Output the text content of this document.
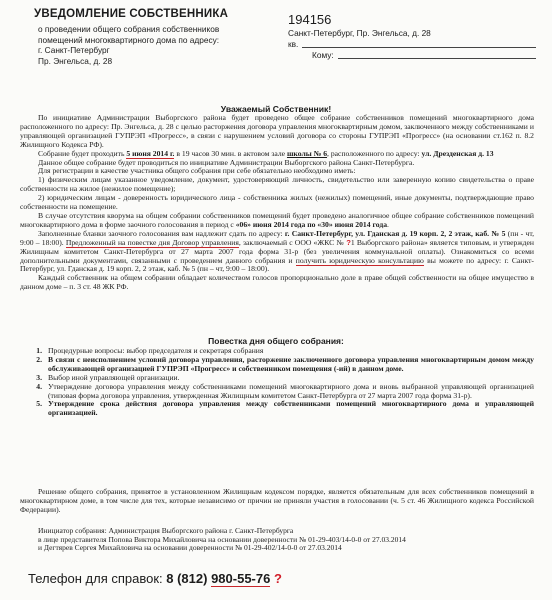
УВЕДОМЛЕНИЕ СОБСТВЕННИКА
о проведении общего собрания собственников
помещений многоквартирного дома по адресу:
г. Санкт-Петербург
Пр. Энгельса, д. 28
194156
Санкт-Петербург, Пр. Энгельса, д. 28
кв.
Кому:
Уважаемый Собственник!

По инициативе Администрации Выборгского района будет проведено общее собрание собственников помещений многоквартирного дома расположенного по адресу: Пр. Энгельса, д. 28 с целью расторжения договора управления многоквартирным домом, заключенного между собственниками и управляющей организацией ГУПРЭП «Прогресс», в связи с нарушением условий договора со стороны ГУПРЭП «Прогресс» (на основании ст.162 п. 8.2 Жилищного Кодекса РФ).

Собрание будет проходить 5 июня 2014 г. в 19 часов 30 мин. в актовом зале школы № 6, расположенного по адресу: ул. Дрезденская д. 13

Данное общее собрание будет проводиться по инициативе Администрации Выборгского района Санкт-Петербурга.

Для регистрации в качестве участника общего собрания при себе обязательно необходимо иметь:

1) физическим лицам указанное уведомление, документ, удостоверяющий личность, свидетельство или заверенную копию свидетельства о праве собственности на жилое (нежилое помещение);

2) юридическим лицам - доверенность юридического лица - собственника жилых (нежилых) помещений, иные документы, подтверждающие право собственности на помещение.

В случае отсутствия кворума на общем собрании собственников помещений будет проведено аналогичное общее собрание собственников помещений многоквартирного дома в форме заочного голосования в период с «06» июня 2014 года по «30» июня 2014 года.

Заполненные бланки заочного голосования вам надлежит сдать по адресу: г. Санкт-Петербург, ул. Гданская д. 19 корп. 2, 2 этаж, каб. № 5 (пн - чт, 9:00 – 18:00). Предложенный на повестке дня Договор управления, заключаемый с ООО «ЖКС № ?1 Выборгского района» является типовым, и утвержден Жилищным комитетом Санкт-Петербурга от 27 марта 2007 года форма 31-р (без увеличения коммунальной оплаты). Ознакомиться со всеми дополнительными документами, связанными с проведением данного собрания и получить юридическую консультацию вы можете по адресу: г. Санкт-Петербург, ул. Гданская д. 19 корп. 2, 2 этаж, каб. № 5 (пн – чт, 9:00 – 18:00).

Каждый собственник на общем собрании обладает количеством голосов пропорционально доле в праве общей собственности на общее имущество в данном доме – п. 3 ст. 48 ЖК РФ.

Повестка дня общего собрания:
1. Процедурные вопросы: выбор председателя и секретаря собрания
2. В связи с неисполнением условий договора управления, расторжение заключенного договора управления многоквартирным домом между обслуживающей организацией ГУПРЭП «Прогресс» и собственником помещения (-ий) в данном доме.
3. Выбор иной управляющей организации.
4. Утверждение договора управления между собственниками помещений многоквартирного дома и вновь выбранной управляющей организацией (типовая форма договора управления, утвержденная Жилищным комитетом Санкт-Петербурга от 27 марта 2007 года форма 31-р).
5. Утверждение срока действия договора управления между собственниками помещений многоквартирного дома и управляющей организацией.

Решение общего собрания, принятое в установленном Жилищным кодексом порядке, является обязательным для всех собственников помещений в многоквартирном доме, в том числе для тех, которые независимо от причин не приняли участия в голосовании (ч. 5 ст. 46 Жилищного кодекса Российской Федерации).

Инициатор собрания: Администрация Выборгского района г. Санкт-Петербурга

в лице представителя Попова Виктора Михайловича на основании доверенности № 01-29-403/14-0-0 от 27.03.2014

и Дегтярев Сергея Михайловича на основании доверенности № 01-29-402/14-0-0 от 27.03.2014

Телефон для справок: 8 (812) 980-55-76 ?
